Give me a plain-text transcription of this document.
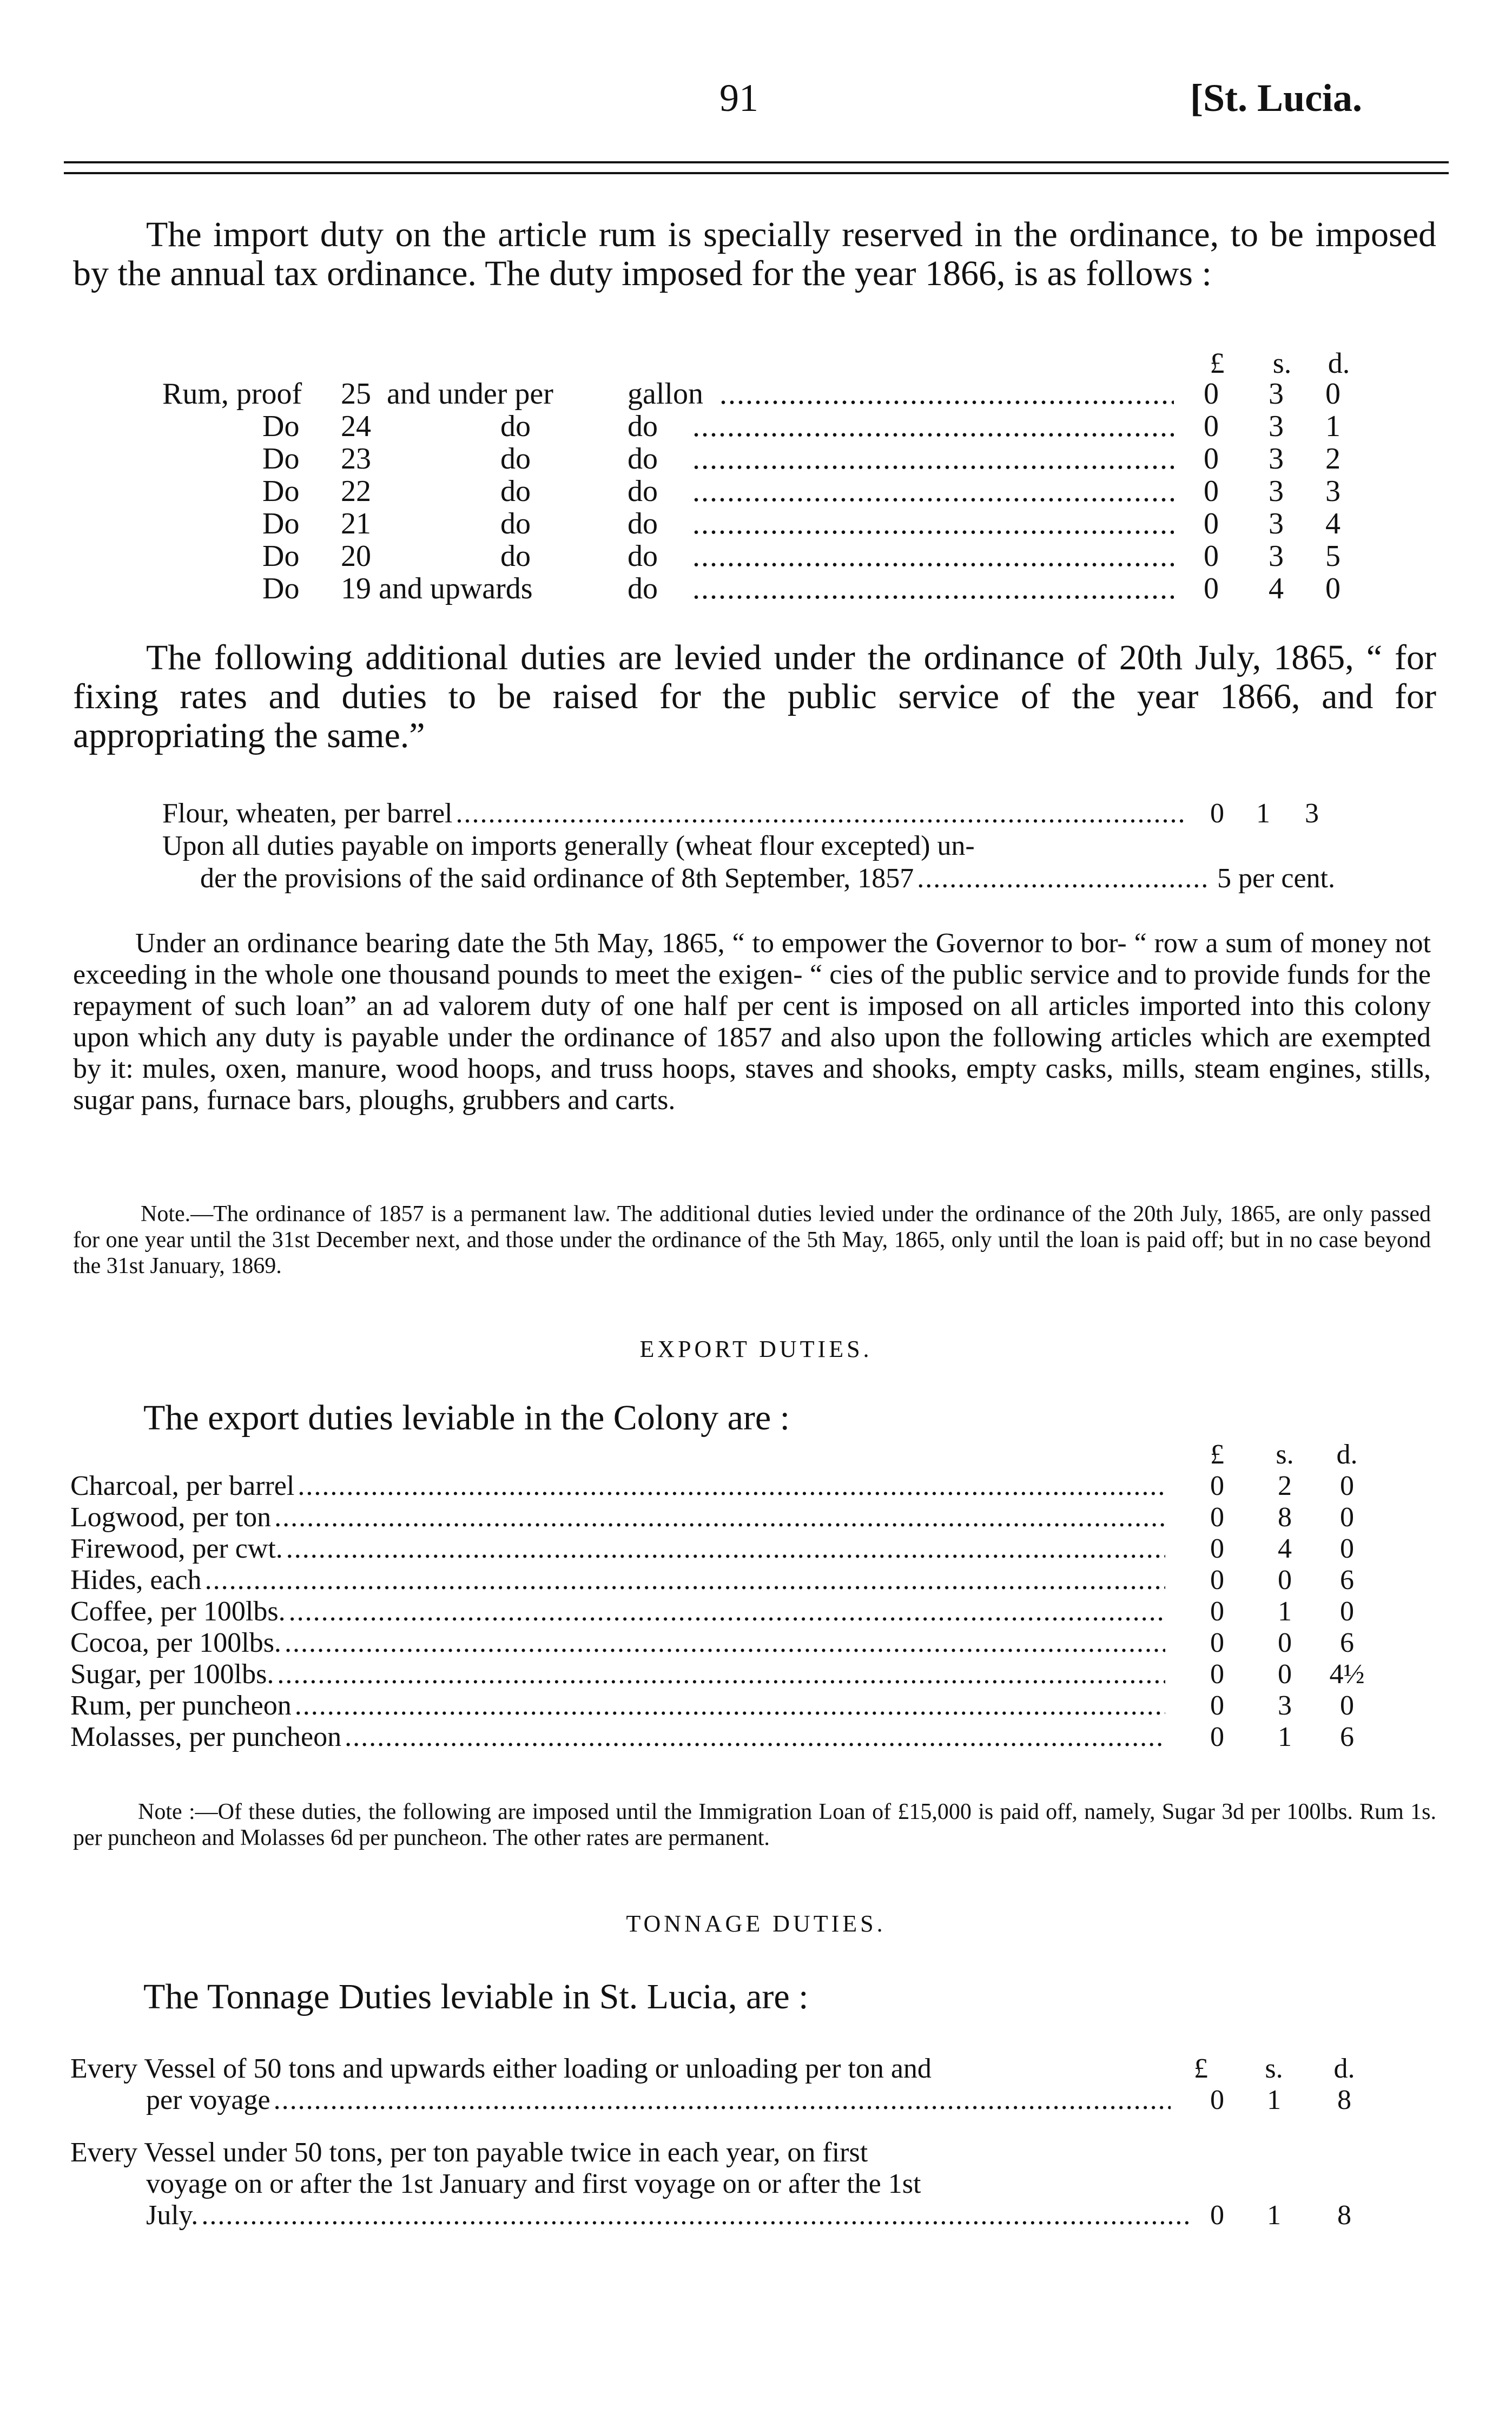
91	[St. Lucia.

The import duty on the article rum is specially reserved in the ordinance, to be imposed by the annual tax ordinance. The duty imposed for the year 1866, is as follows :

£	s.	d.
Rum, proof 25 and under per gallon .....	0 3 0
Do 24	do	do .....	0 3 1
Do 23	do	do .....	0 3 2
Do 22	do	do .....	0 3 3
Do 21	do	do .....	0 3 4
Do 20	do	do .....	0 3 5
Do 19 and upwards	do .....	0 4 0

The following additional duties are levied under the ordinance of 20th July, 1865, “ for fixing rates and duties to be raised for the public service of the year 1866, and for appropriating the same.”

Flour, wheaten, per barrel .....	0	1	3
Upon all duties payable on imports generally (wheat flour excepted) un-
der the provisions of the said ordinance of 8th September, 1857 .....	5 per cent.

Under an ordinance bearing date the 5th May, 1865, “ to empower the Governor to bor- “ row a sum of money not exceeding in the whole one thousand pounds to meet the exigen- “ cies of the public service and to provide funds for the repayment of such loan” an ad valorem duty of one half per cent is imposed on all articles imported into this colony upon which any duty is payable under the ordinance of 1857 and also upon the following articles which are exempted by it: mules, oxen, manure, wood hoops, and truss hoops, staves and shooks, empty casks, mills, steam engines, stills, sugar pans, furnace bars, ploughs, grubbers and carts.

Note.—The ordinance of 1857 is a permanent law. The additional duties levied under the ordinance of the 20th July, 1865, are only passed for one year until the 31st December next, and those under the ordinance of the 5th May, 1865, only until the loan is paid off; but in no case beyond the 31st January, 1869.

EXPORT DUTIES.
The export duties leviable in the Colony are :
£	s.	d.
Charcoal, per barrel .....	0	2	0
Logwood, per ton .....	0	8	0
Firewood, per cwt. .....	0	4	0
Hides, each .....	0	0	6
Coffee, per 100lbs. .....	0	1	0
Cocoa, per 100lbs. .....	0	0	6
Sugar, per 100lbs. .....	0	0	4½
Rum, per puncheon .....	0	3	0
Molasses, per puncheon .....	0	1	6

Note :—Of these duties, the following are imposed until the Immigration Loan of £15,000 is paid off, namely, Sugar 3d per 100lbs. Rum 1s. per puncheon and Molasses 6d per puncheon. The other rates are permanent.

TONNAGE DUTIES.
The Tonnage Duties leviable in St. Lucia, are :
£	s.	d.
Every Vessel of 50 tons and upwards either loading or unloading per ton and
per voyage .....	0	1	8
Every Vessel under 50 tons, per ton payable twice in each year, on first
voyage on or after the 1st January and first voyage on or after the 1st
July. .....	0	1	8
